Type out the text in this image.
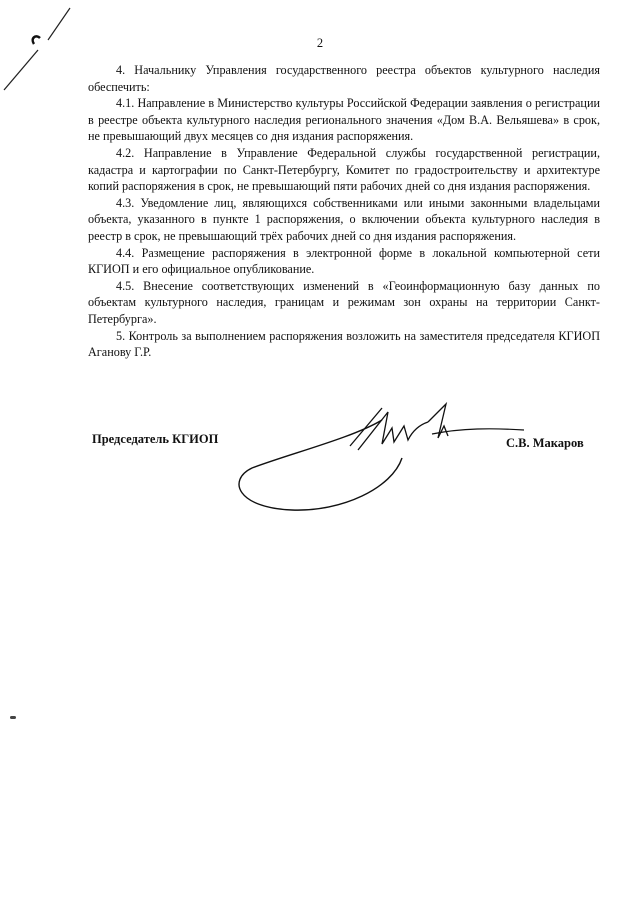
2

4. Начальнику Управления государственного реестра объектов культурного наследия обеспечить:

4.1. Направление в Министерство культуры Российской Федерации заявления о регистрации в реестре объекта культурного наследия регионального значения «Дом В.А. Вельяшева» в срок, не превышающий двух месяцев со дня издания распоряжения.

4.2. Направление в Управление Федеральной службы государственной регистрации, кадастра и картографии по Санкт-Петербургу, Комитет по градостроительству и архитектуре копий распоряжения в срок, не превышающий пяти рабочих дней со дня издания распоряжения.

4.3. Уведомление лиц, являющихся собственниками или иными законными владельцами объекта, указанного в пункте 1 распоряжения, о включении объекта культурного наследия в реестр в срок, не превышающий трёх рабочих дней со дня издания распоряжения.

4.4. Размещение распоряжения в электронной форме в локальной компьютерной сети КГИОП и его официальное опубликование.

4.5. Внесение соответствующих изменений в «Геоинформационную базу данных по объектам культурного наследия, границам и режимам зон охраны на территории Санкт-Петербурга».

5. Контроль за выполнением распоряжения возложить на заместителя председателя КГИОП Аганову Г.Р.

Председатель КГИОП	С.В. Макаров
